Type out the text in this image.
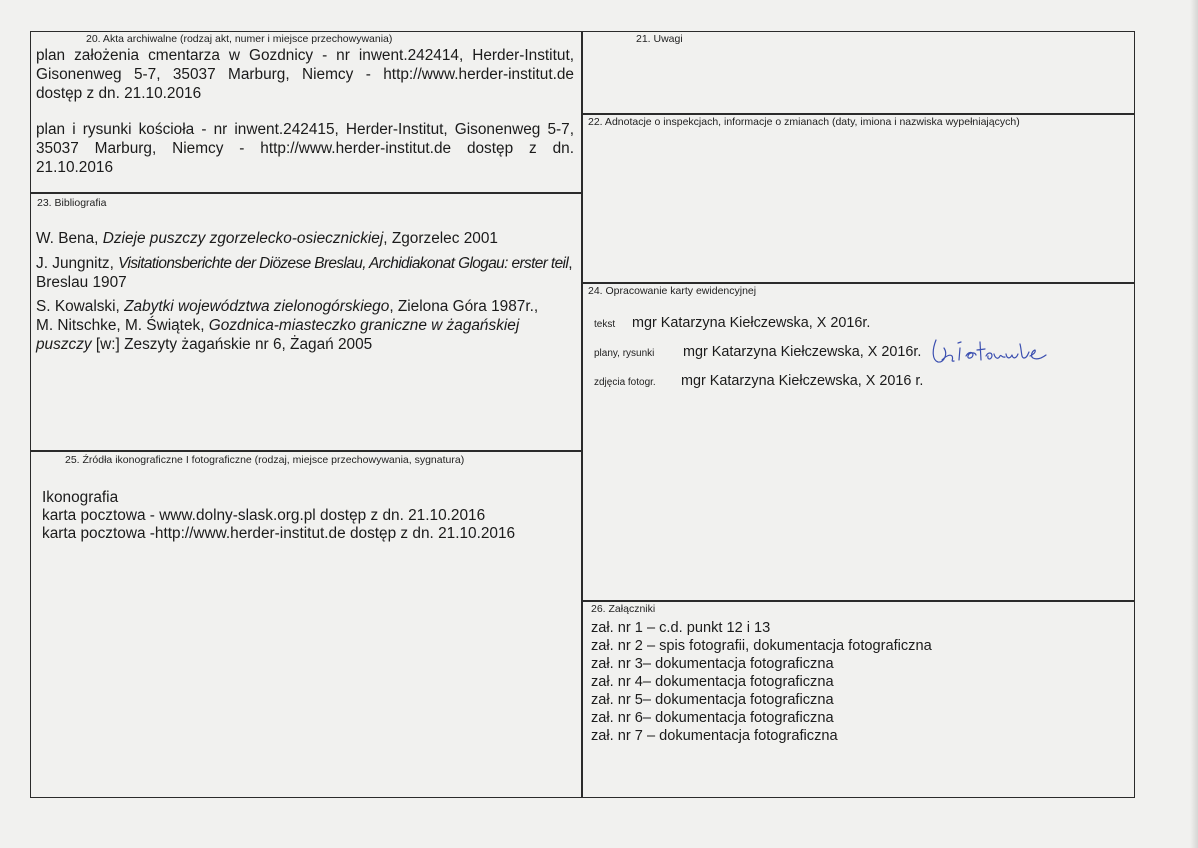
20. Akta archiwalne (rodzaj akt, numer i miejsce przechowywania)

plan założenia cmentarza w Gozdnicy - nr inwent.242414, Herder-Institut, Gisonenweg 5-7, 35037 Marburg, Niemcy - http://www.herder-institut.de dostęp z dn. 21.10.2016

plan i rysunki kościoła - nr inwent.242415, Herder-Institut, Gisonenweg 5-7, 35037 Marburg, Niemcy - http://www.herder-institut.de dostęp z dn. 21.10.2016

21. Uwagi
22. Adnotacje o inspekcjach, informacje o zmianach (daty, imiona i nazwiska wypełniających)
23. Bibliografia
W. Bena, Dzieje puszczy zgorzelecko-osiecznickiej, Zgorzelec 2001
J. Jungnitz, Visitationsberichte der Diözese Breslau, Archidiakonat Glogau: erster teil, Breslau 1907
S. Kowalski, Zabytki województwa zielonogórskiego, Zielona Góra 1987r.,
M. Nitschke, M. Świątek, Gozdnica-miasteczko graniczne w żagańskiej puszczy [w:] Zeszyty żagańskie nr 6, Żagań 2005
24. Opracowanie karty ewidencyjnej
tekst mgr Katarzyna Kiełczewska, X 2016r.
plany, rysunki mgr Katarzyna Kiełczewska, X 2016r.
zdjęcia fotogr. mgr Katarzyna Kiełczewska, X 2016 r.
25. Źródła ikonograficzne I fotograficzne (rodzaj, miejsce przechowywania, sygnatura)
Ikonografia
karta pocztowa - www.dolny-slask.org.pl dostęp z dn. 21.10.2016
karta pocztowa -http://www.herder-institut.de dostęp z dn. 21.10.2016
26. Załączniki
zał. nr 1 – c.d. punkt 12 i 13
zał. nr 2 – spis fotografii, dokumentacja fotograficzna
zał. nr 3– dokumentacja fotograficzna
zał. nr 4– dokumentacja fotograficzna
zał. nr 5– dokumentacja fotograficzna
zał. nr 6– dokumentacja fotograficzna
zał. nr 7 – dokumentacja fotograficzna
